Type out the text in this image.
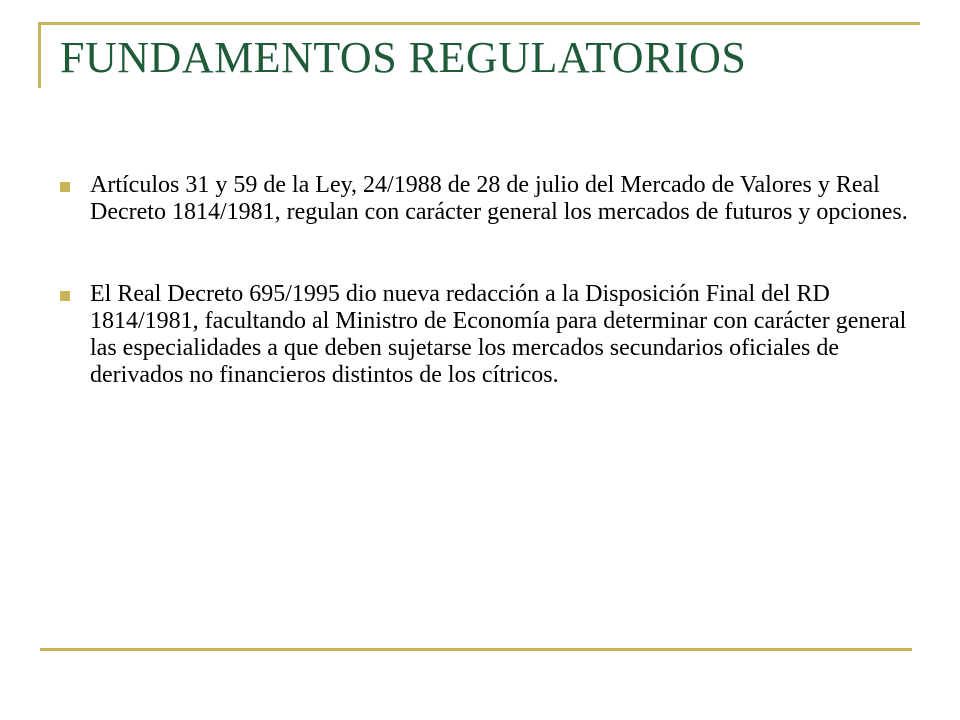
FUNDAMENTOS REGULATORIOS
Artículos 31 y 59 de la Ley, 24/1988 de 28 de julio del Mercado de Valores y Real Decreto 1814/1981, regulan con carácter general los mercados de futuros y opciones.
El Real Decreto 695/1995 dio nueva redacción a la Disposición Final del RD 1814/1981, facultando al Ministro de Economía para determinar con carácter general las especialidades a que deben sujetarse los mercados secundarios oficiales de derivados no financieros distintos de los cítricos.
